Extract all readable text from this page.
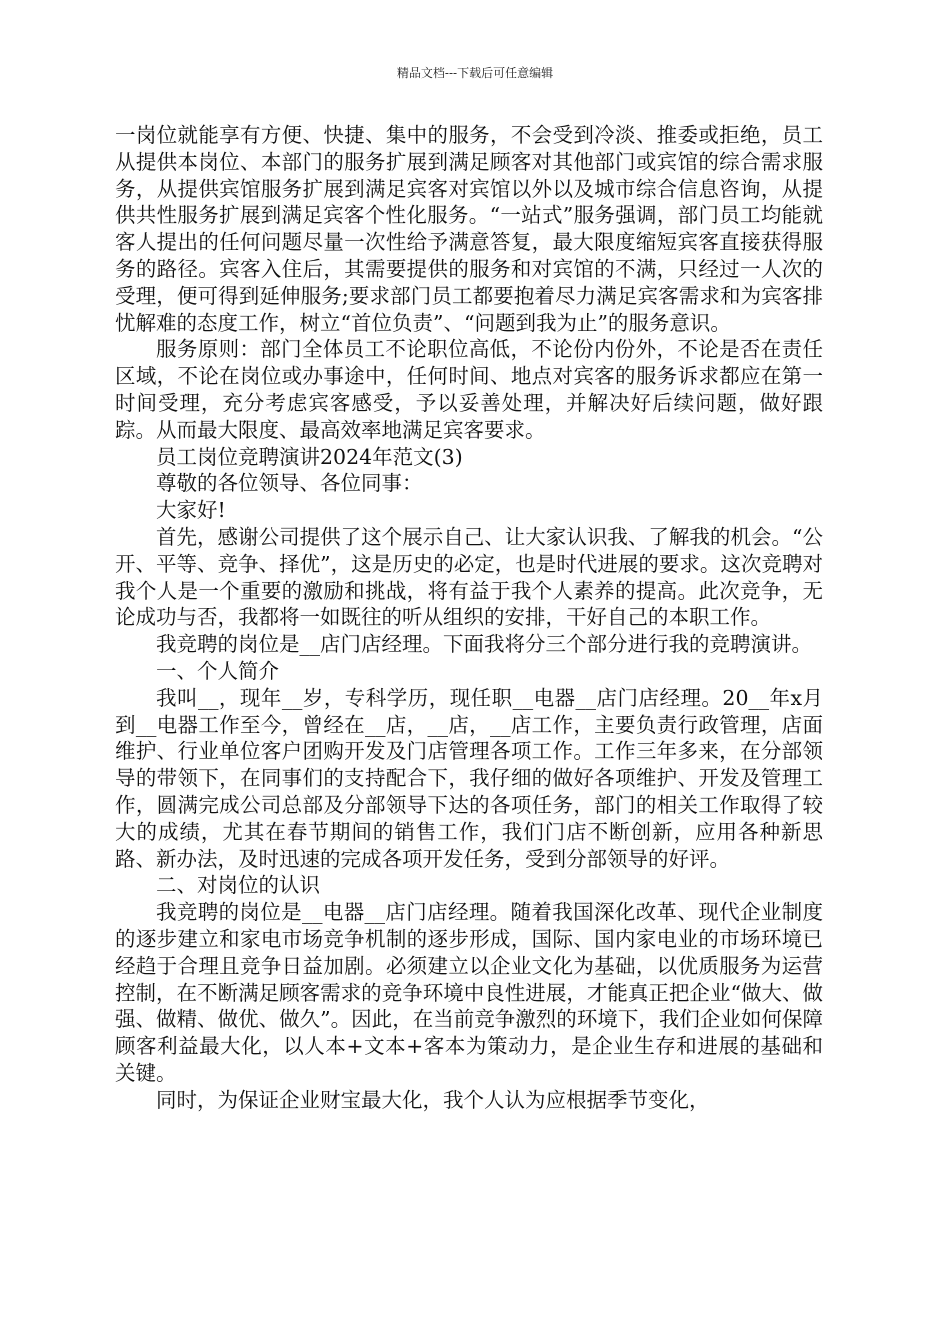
精品文档---下载后可任意编辑

一岗位就能享有方便、快捷、集中的服务，不会受到冷淡、推委或拒绝，员工从提供本岗位、本部门的服务扩展到满足顾客对其他部门或宾馆的综合需求服务，从提供宾馆服务扩展到满足宾客对宾馆以外以及城市综合信息咨询，从提供共性服务扩展到满足宾客个性化服务。“一站式”服务强调，部门员工均能就客人提出的任何问题尽量一次性给予满意答复，最大限度缩短宾客直接获得服务的路径。宾客入住后，其需要提供的服务和对宾馆的不满，只经过一人次的受理，便可得到延伸服务;要求部门员工都要抱着尽力满足宾客需求和为宾客排忧解难的态度工作，树立“首位负责”、“问题到我为止”的服务意识。

服务原则：部门全体员工不论职位高低，不论份内份外，不论是否在责任区域，不论在岗位或办事途中，任何时间、地点对宾客的服务诉求都应在第一时间受理，充分考虑宾客感受，予以妥善处理，并解决好后续问题，做好跟踪。从而最大限度、最高效率地满足宾客要求。

员工岗位竞聘演讲2024年范文(3)

尊敬的各位领导、各位同事：

大家好!

首先，感谢公司提供了这个展示自己、让大家认识我、了解我的机会。“公开、平等、竞争、择优”，这是历史的必定，也是时代进展的要求。这次竞聘对我个人是一个重要的激励和挑战，将有益于我个人素养的提高。此次竞争，无论成功与否，我都将一如既往的听从组织的安排，干好自己的本职工作。

我竞聘的岗位是__店门店经理。下面我将分三个部分进行我的竞聘演讲。

一、个人简介

我叫__，现年__岁，专科学历，现任职__电器__店门店经理。20__年x月到__电器工作至今，曾经在__店，__店，__店工作，主要负责行政管理，店面维护、行业单位客户团购开发及门店管理各项工作。工作三年多来，在分部领导的带领下，在同事们的支持配合下，我仔细的做好各项维护、开发及管理工作，圆满完成公司总部及分部领导下达的各项任务，部门的相关工作取得了较大的成绩，尤其在春节期间的销售工作，我们门店不断创新，应用各种新思路、新办法，及时迅速的完成各项开发任务，受到分部领导的好评。

二、对岗位的认识

我竞聘的岗位是__电器__店门店经理。随着我国深化改革、现代企业制度的逐步建立和家电市场竞争机制的逐步形成，国际、国内家电业的市场环境已经趋于合理且竞争日益加剧。必须建立以企业文化为基础，以优质服务为运营控制，在不断满足顾客需求的竞争环境中良性进展，才能真正把企业“做大、做强、做精、做优、做久”。因此，在当前竞争激烈的环境下，我们企业如何保障顾客利益最大化，以人本+文本+客本为策动力，是企业生存和进展的基础和关键。

同时，为保证企业财宝最大化，我个人认为应根据季节变化，
